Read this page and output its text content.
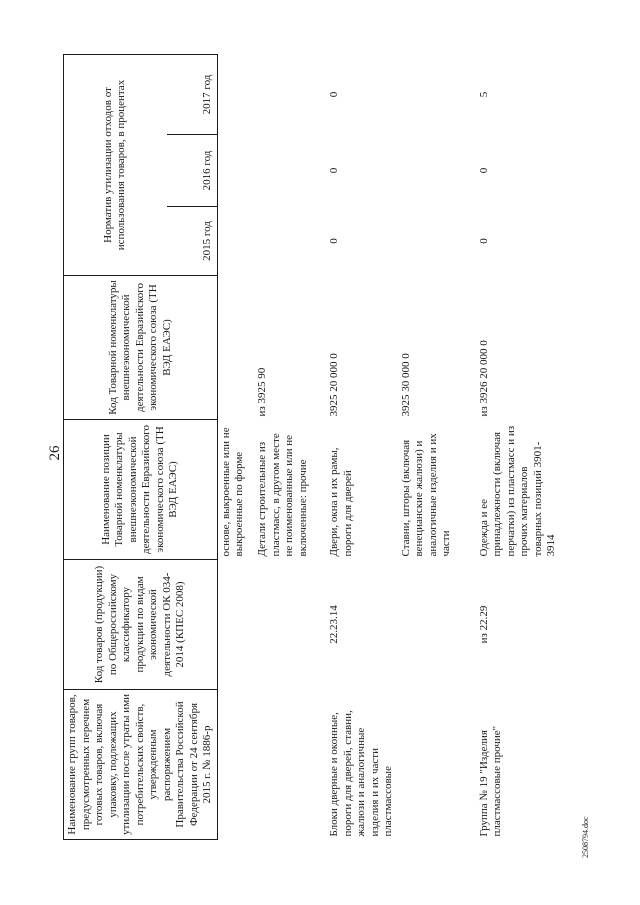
26
2508794.doc
Наименование групп товаров, предусмотренных перечнем готовых товаров, включая упаковку, подлежащих утилизации после утраты ими потребительских свойств, утвержденным распоряжением Правительства Российской Федерации от 24 сентября 2015 г. № 1886-р	Код товаров (продукции) по Общероссийскому классификатору продукции по видам экономической деятельности ОК 034-2014 (КПЕС 2008)	Наименование позиции Товарной номенклатуры внешнеэкономической деятельности Евразийского экономического союза (ТН ВЭД ЕАЭС)	Код Товарной номенклатуры внешнеэкономической деятельности Евразийского экономического союза (ТН ВЭД ЕАЭС)	Норматив утилизации отходов от использования товаров, в процентах		
				2015 год	2016 год	2017 год
		основе, выкроенные или не выкроенные по форме				
		Детали строительные из пластмасс, в другом месте не поименованные или не включенные: прочие	из 3925 90			
Блоки дверные и оконные, пороги для дверей, ставни, жалюзи и аналогичные изделия и их части пластмассовые	22.23.14	Двери, окна и их рамы, пороги для дверей	3925 20 000 0	0	0	0
		Ставни, шторы (включая венецианские жалюзи) и аналогичные изделия и их части	3925 30 000 0			
Группа № 19 "Изделия пластмассовые прочие"	из 22.29	Одежда и ее принадлежности (включая перчатки) из пластмасс и из прочих материалов товарных позиций 3901-3914	из 3926 20 000 0	0	0	5
